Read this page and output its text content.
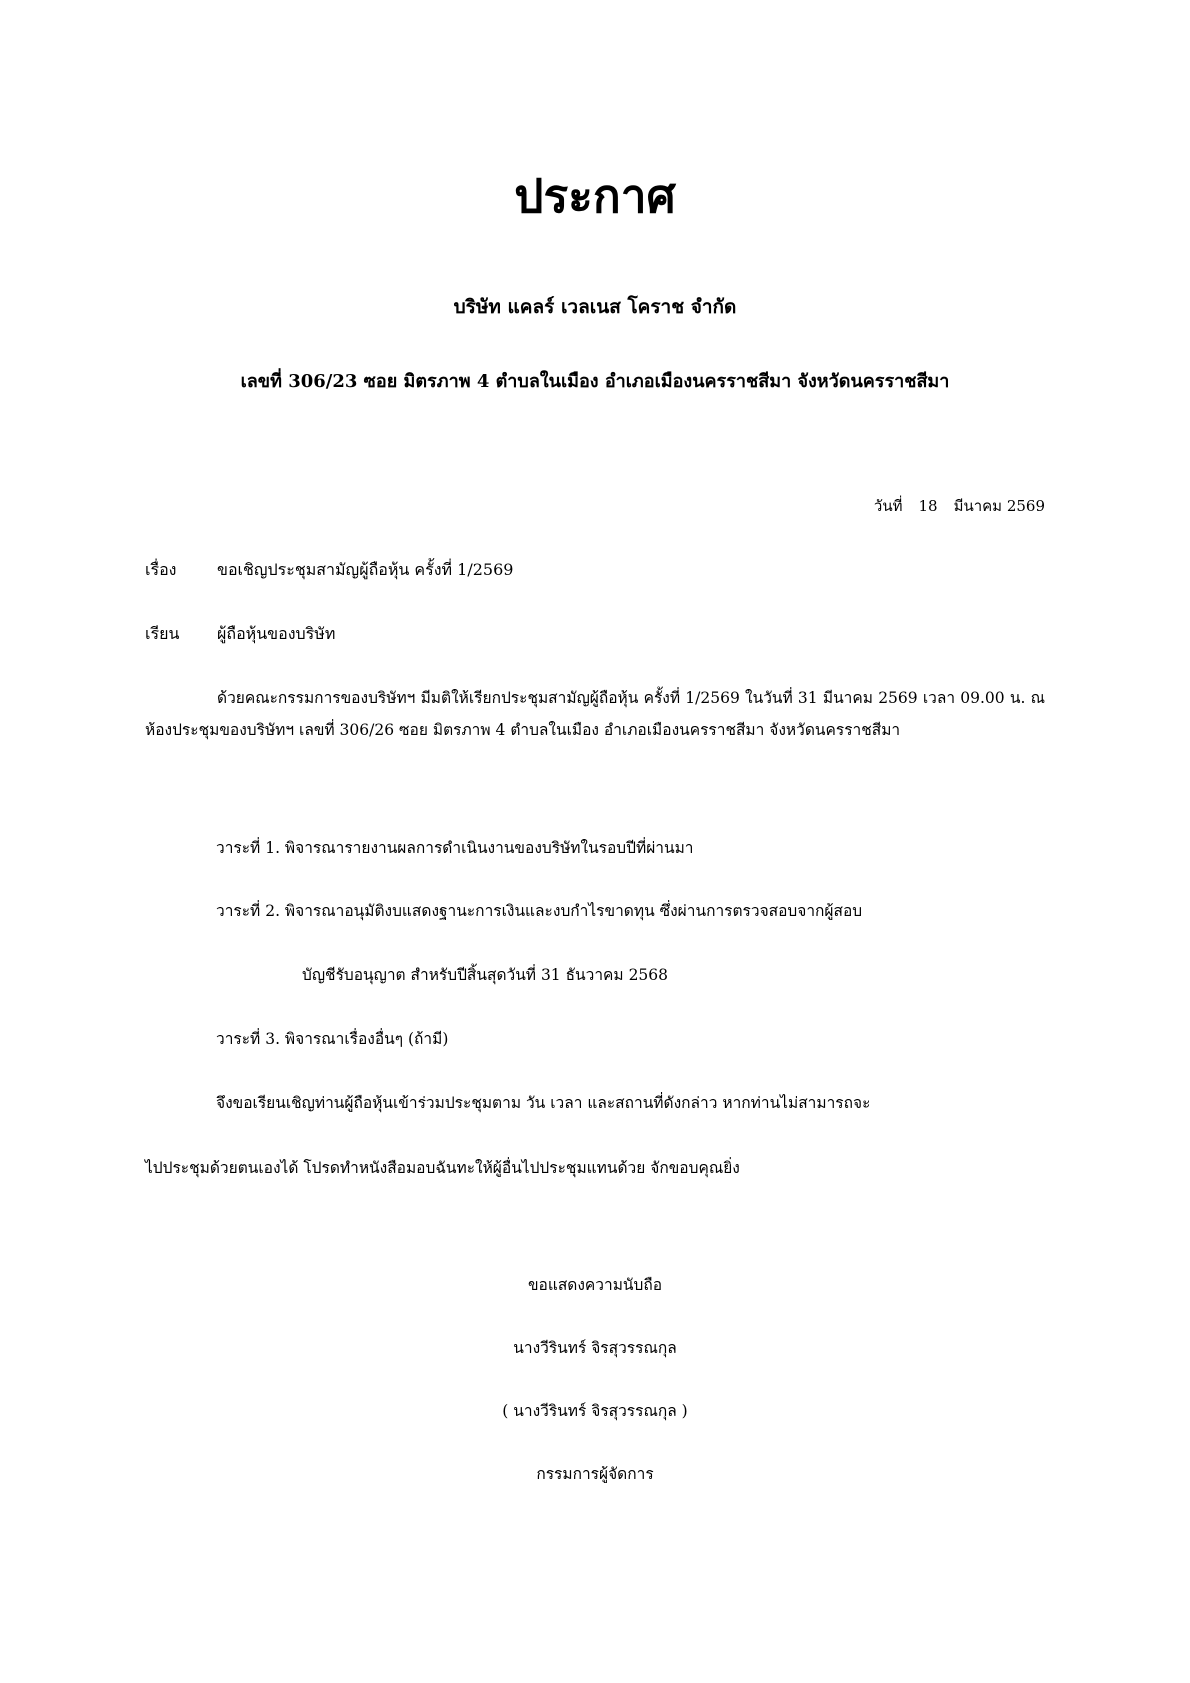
ประกาศ
บริษัท แคลร์ เวลเนส โคราช จำกัด
เลขที่ 306/23 ซอย มิตรภาพ 4 ตำบลในเมือง อำเภอเมืองนครราชสีมา จังหวัดนครราชสีมา
วันที่ 18 มีนาคม 2569
เรื่อง	ขอเชิญประชุมสามัญผู้ถือหุ้น ครั้งที่ 1/2569
เรียน ผู้ถือหุ้นของบริษัท
ด้วยคณะกรรมการของบริษัทฯ มีมติให้เรียกประชุมสามัญผู้ถือหุ้น ครั้งที่ 1/2569 ในวันที่ 31 มีนาคม 2569 เวลา 09.00 น. ณ ห้องประชุมของบริษัทฯ เลขที่ 306/26 ซอย มิตรภาพ 4 ตำบลในเมือง อำเภอเมืองนครราชสีมา จังหวัดนครราชสีมา
วาระที่ 1. พิจารณารายงานผลการดำเนินงานของบริษัทในรอบปีที่ผ่านมา
วาระที่ 2. พิจารณาอนุมัติงบแสดงฐานะการเงินและงบกำไรขาดทุน ซึ่งผ่านการตรวจสอบจากผู้สอบ
บัญชีรับอนุญาต สำหรับปีสิ้นสุดวันที่ 31 ธันวาคม 2568
วาระที่ 3. พิจารณาเรื่องอื่นๆ (ถ้ามี)
จึงขอเรียนเชิญท่านผู้ถือหุ้นเข้าร่วมประชุมตาม วัน เวลา และสถานที่ดังกล่าว หากท่านไม่สามารถจะ
ไปประชุมด้วยตนเองได้ โปรดทำหนังสือมอบฉันทะให้ผู้อื่นไปประชุมแทนด้วย จักขอบคุณยิ่ง
ขอแสดงความนับถือ
นางวีรินทร์ จิรสุวรรณกุล
( นางวีรินทร์ จิรสุวรรณกุล )
กรรมการผู้จัดการ
